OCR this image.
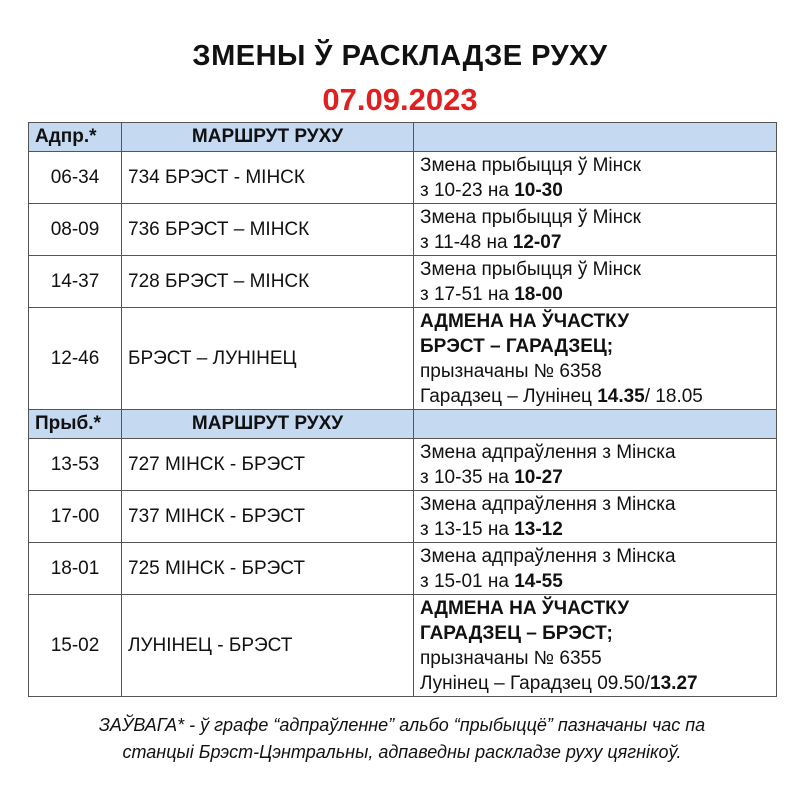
ЗМЕНЫ Ў РАСКЛАДЗЕ РУХУ
07.09.2023
Адпр.*	МАРШРУТ РУХУ	
06-34	734 БРЭСТ - МІНСК	Змена прыбыцця ў Мінск
з 10-23 на 10-30

08-09	736 БРЭСТ – МІНСК	Змена прыбыцця ў Мінск
з 11-48 на 12-07

14-37	728 БРЭСТ – МІНСК	Змена прыбыцця ў Мінск
з 17-51 на 18-00

12-46	БРЭСТ – ЛУНІНЕЦ	АДМЕНА НА ЎЧАСТКУ
БРЭСТ – ГАРАДЗЕЦ;
прызначаны № 6358
Гарадзец – Лунінец 14.35/ 18.05

Прыб.*	МАРШРУТ РУХУ	
13-53	727 МІНСК - БРЭСТ	Змена адпраўлення з Мінска
з 10-35 на 10-27

17-00	737 МІНСК - БРЭСТ	Змена адпраўлення з Мінска
з 13-15 на 13-12

18-01	725 МІНСК - БРЭСТ	Змена адпраўлення з Мінска
з 15-01 на 14-55

15-02	ЛУНІНЕЦ - БРЭСТ	АДМЕНА НА ЎЧАСТКУ
ГАРАДЗЕЦ – БРЭСТ;
прызначаны № 6355
Лунінец – Гарадзец 09.50/13.27
ЗАЎВАГА* - ў графе “адпраўленне” альбо “прыбыццё” пазначаны час па
станцыі Брэст-Цэнтральны, адпаведны раскладзе руху цягнікоў.
